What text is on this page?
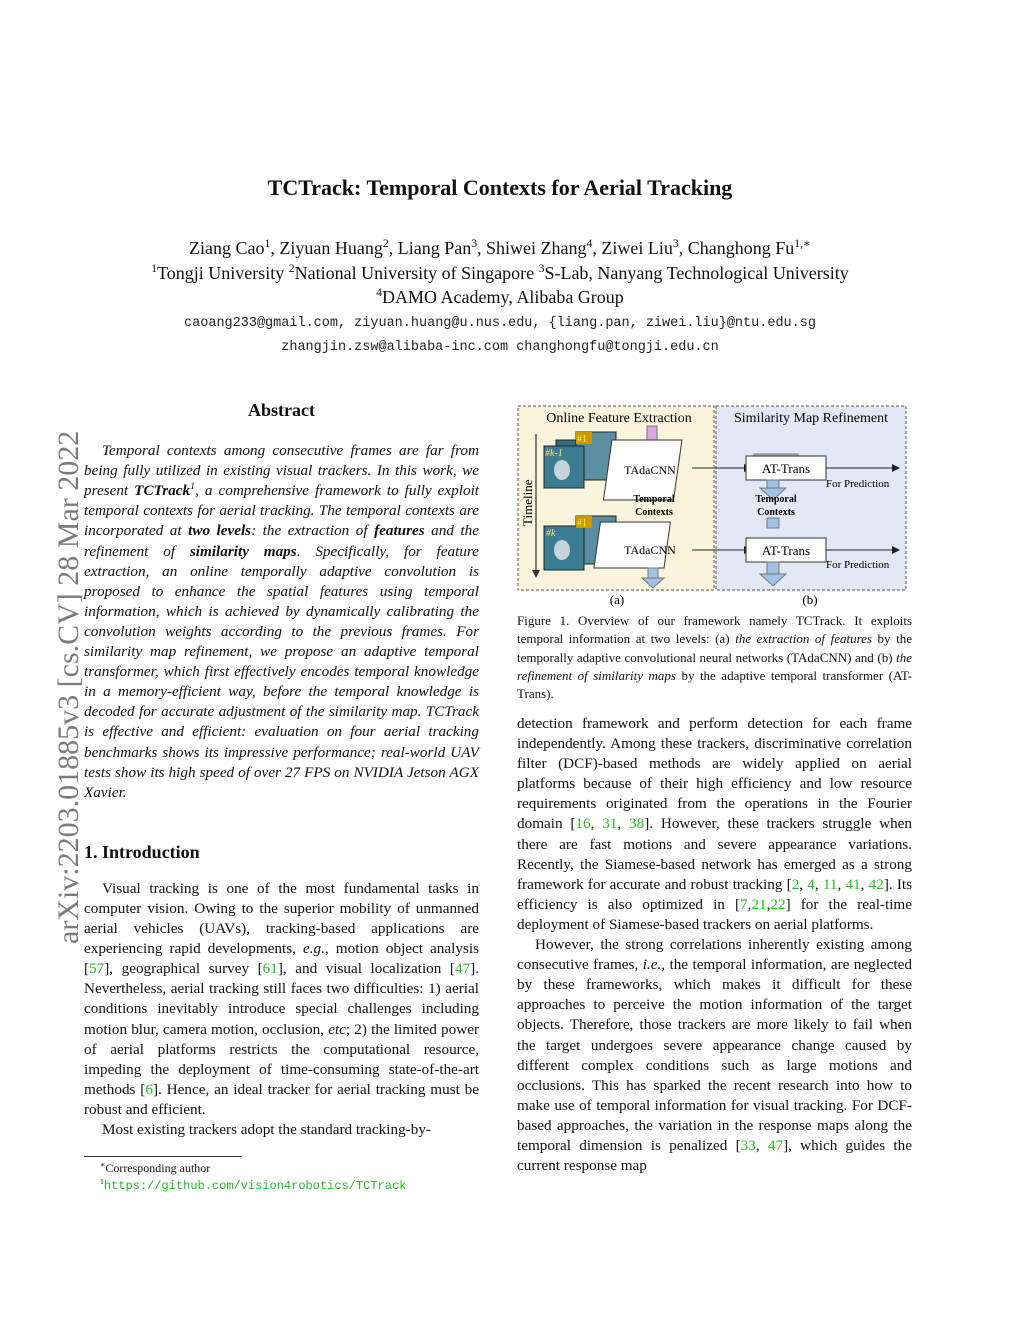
arXiv:2203.01885v3 [cs.CV] 28 Mar 2022
TCTrack: Temporal Contexts for Aerial Tracking
Ziang Cao$^1$, Ziyuan Huang$^2$, Liang Pan$^3$, Shiwei Zhang$^4$, Ziwei Liu$^3$, Changhong $Fu^{1,∗}$
$^1$Tongji University $^2$National University of Singapore $^3$S-Lab, Nanyang Technological University
$^4$DAMO Academy, Alibaba Group
caoang233@gmail.com, ziyuan.huang@u.nus.edu, {liang.pan, ziwei.liu}@ntu.edu.sg
zhangjin.zsw@alibaba-inc.com changhongfu@tongji.edu.cn
Abstract

Temporal contexts among consecutive frames are far from being fully utilized in existing visual trackers. In this work, we present TCTrack$^1$, a comprehensive framework to fully exploit temporal contexts for aerial tracking. The temporal contexts are incorporated at two levels: the extraction of features and the refinement of similarity maps. Specifically, for feature extraction, an online temporally adaptive convolution is proposed to enhance the spatial features using temporal information, which is achieved by dynamically calibrating the convolution weights according to the previous frames. For similarity map refinement, we propose an adaptive temporal transformer, which first effectively encodes temporal knowledge in a memory-efficient way, before the temporal knowledge is decoded for accurate adjustment of the similarity map. TCTrack is effective and efficient: evaluation on four aerial tracking benchmarks shows its impressive performance; real-world UAV tests show its high speed of over 27 FPS on NVIDIA Jetson AGX Xavier.

1. Introduction

Visual tracking is one of the most fundamental tasks in computer vision. Owing to the superior mobility of unmanned aerial vehicles (UAVs), tracking-based applications are experiencing rapid developments, e.g., motion object analysis [57], geographical survey [61], and visual localization [47]. Nevertheless, aerial tracking still faces two difficulties: 1) aerial conditions inevitably introduce special challenges including motion blur, camera motion, occlusion, etc; 2) the limited power of aerial platforms restricts the computational resource, impeding the deployment of time-consuming state-of-the-art methods [6]. Hence, an ideal tracker for aerial tracking must be robust and efficient.

Most existing trackers adopt the standard tracking-by-

∗Corresponding author
$^1$https://github.com/vision4robotics/TCTrack
Online Feature Extraction	Similarity Map Refinement
Timeline
#1
#k-1
#1
#k
TAdaCNN
Temporal
Contexts
TAdaCNN
AT-Trans
Temporal
Contexts
For Prediction
AT-Trans
For Prediction
(a)	(b)
Figure 1. Overview of our framework namely TCTrack. It exploits temporal information at two levels: (a) the extraction of features by the temporally adaptive convolutional neural networks (TAdaCNN) and (b) the refinement of similarity maps by the adaptive temporal transformer (AT-Trans).

detection framework and perform detection for each frame independently. Among these trackers, discriminative correlation filter (DCF)-based methods are widely applied on aerial platforms because of their high efficiency and low resource requirements originated from the operations in the Fourier domain [16, 31, 38]. However, these trackers struggle when there are fast motions and severe appearance variations. Recently, the Siamese-based network has emerged as a strong framework for accurate and robust tracking [2, 4, 11, 41, 42]. Its efficiency is also optimized in [7,21,22] for the real-time deployment of Siamese-based trackers on aerial platforms.

However, the strong correlations inherently existing among consecutive frames, i.e., the temporal information, are neglected by these frameworks, which makes it difficult for these approaches to perceive the motion information of the target objects. Therefore, those trackers are more likely to fail when the target undergoes severe appearance change caused by different complex conditions such as large motions and occlusions. This has sparked the recent research into how to make use of temporal information for visual tracking. For DCF-based approaches, the variation in the response maps along the temporal dimension is penalized [33, 47], which guides the current response map
